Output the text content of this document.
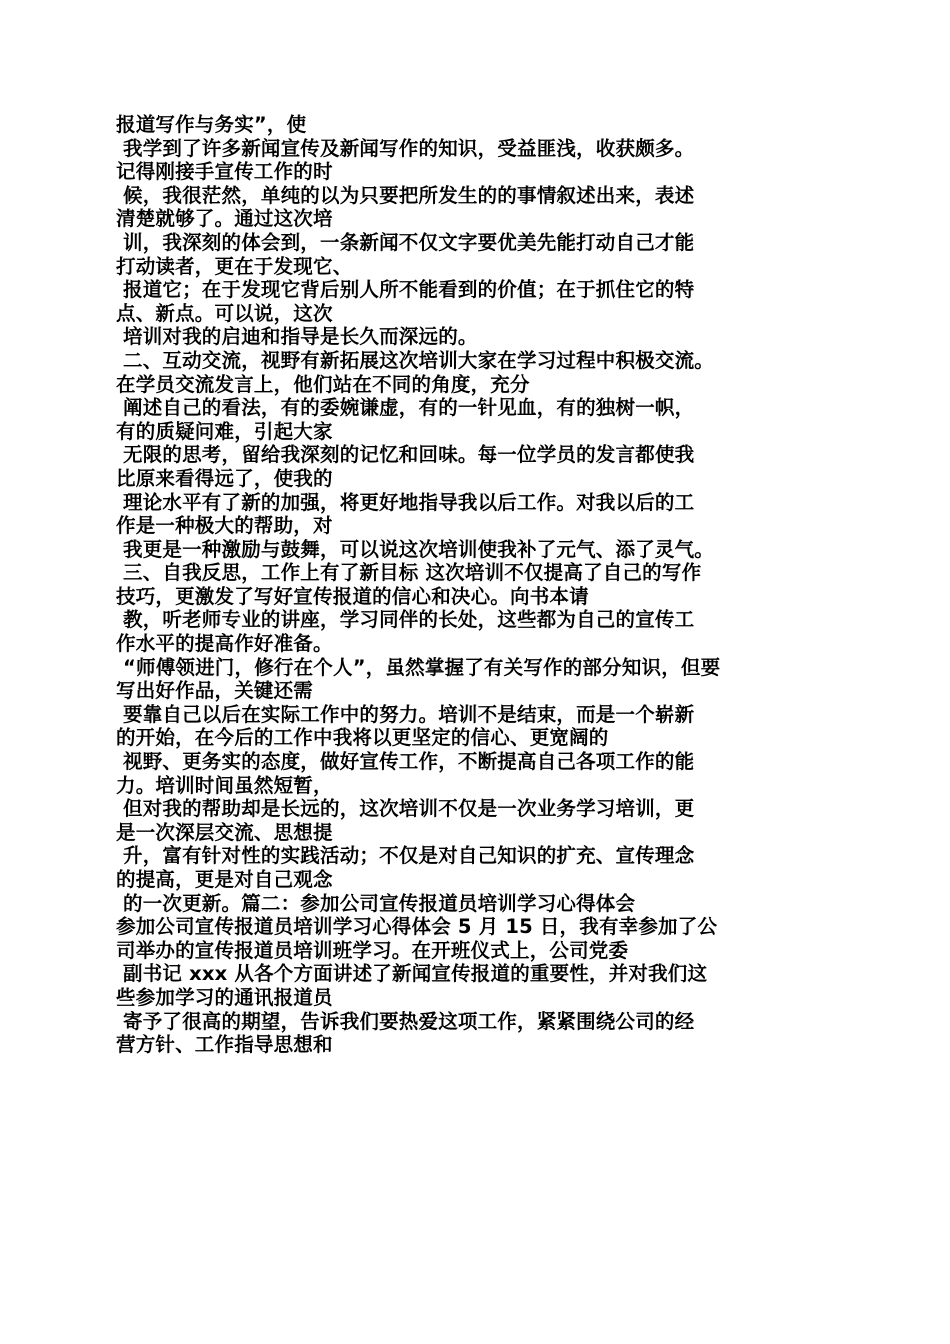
报道写作与务实”，使
我学到了许多新闻宣传及新闻写作的知识，受益匪浅，收获颇多。
记得刚接手宣传工作的时
候，我很茫然，单纯的以为只要把所发生的的事情叙述出来，表述
清楚就够了。通过这次培
训，我深刻的体会到，一条新闻不仅文字要优美先能打动自己才能
打动读者，更在于发现它、
报道它；在于发现它背后别人所不能看到的价值；在于抓住它的特
点、新点。可以说，这次
培训对我的启迪和指导是长久而深远的。
二、互动交流，视野有新拓展这次培训大家在学习过程中积极交流。
在学员交流发言上，他们站在不同的角度，充分
阐述自己的看法，有的委婉谦虚，有的一针见血，有的独树一帜，
有的质疑问难，引起大家
无限的思考，留给我深刻的记忆和回味。每一位学员的发言都使我
比原来看得远了，使我的
理论水平有了新的加强，将更好地指导我以后工作。对我以后的工
作是一种极大的帮助，对
我更是一种激励与鼓舞，可以说这次培训使我补了元气、添了灵气。
三、自我反思，工作上有了新目标 这次培训不仅提高了自己的写作
技巧，更激发了写好宣传报道的信心和决心。向书本请
教，听老师专业的讲座，学习同伴的长处，这些都为自己的宣传工
作水平的提高作好准备。
“师傅领进门，修行在个人”，虽然掌握了有关写作的部分知识，但要
写出好作品，关键还需
要靠自己以后在实际工作中的努力。培训不是结束，而是一个崭新
的开始，在今后的工作中我将以更坚定的信心、更宽阔的
视野、更务实的态度，做好宣传工作，不断提高自己各项工作的能
力。培训时间虽然短暂，
但对我的帮助却是长远的，这次培训不仅是一次业务学习培训，更
是一次深层交流、思想提
升，富有针对性的实践活动；不仅是对自己知识的扩充、宣传理念
的提高，更是对自己观念
的一次更新。篇二：参加公司宣传报道员培训学习心得体会
参加公司宣传报道员培训学习心得体会 5 月 15 日，我有幸参加了公
司举办的宣传报道员培训班学习。在开班仪式上，公司党委
副书记 xxx 从各个方面讲述了新闻宣传报道的重要性，并对我们这
些参加学习的通讯报道员
寄予了很高的期望，告诉我们要热爱这项工作，紧紧围绕公司的经
营方针、工作指导思想和
